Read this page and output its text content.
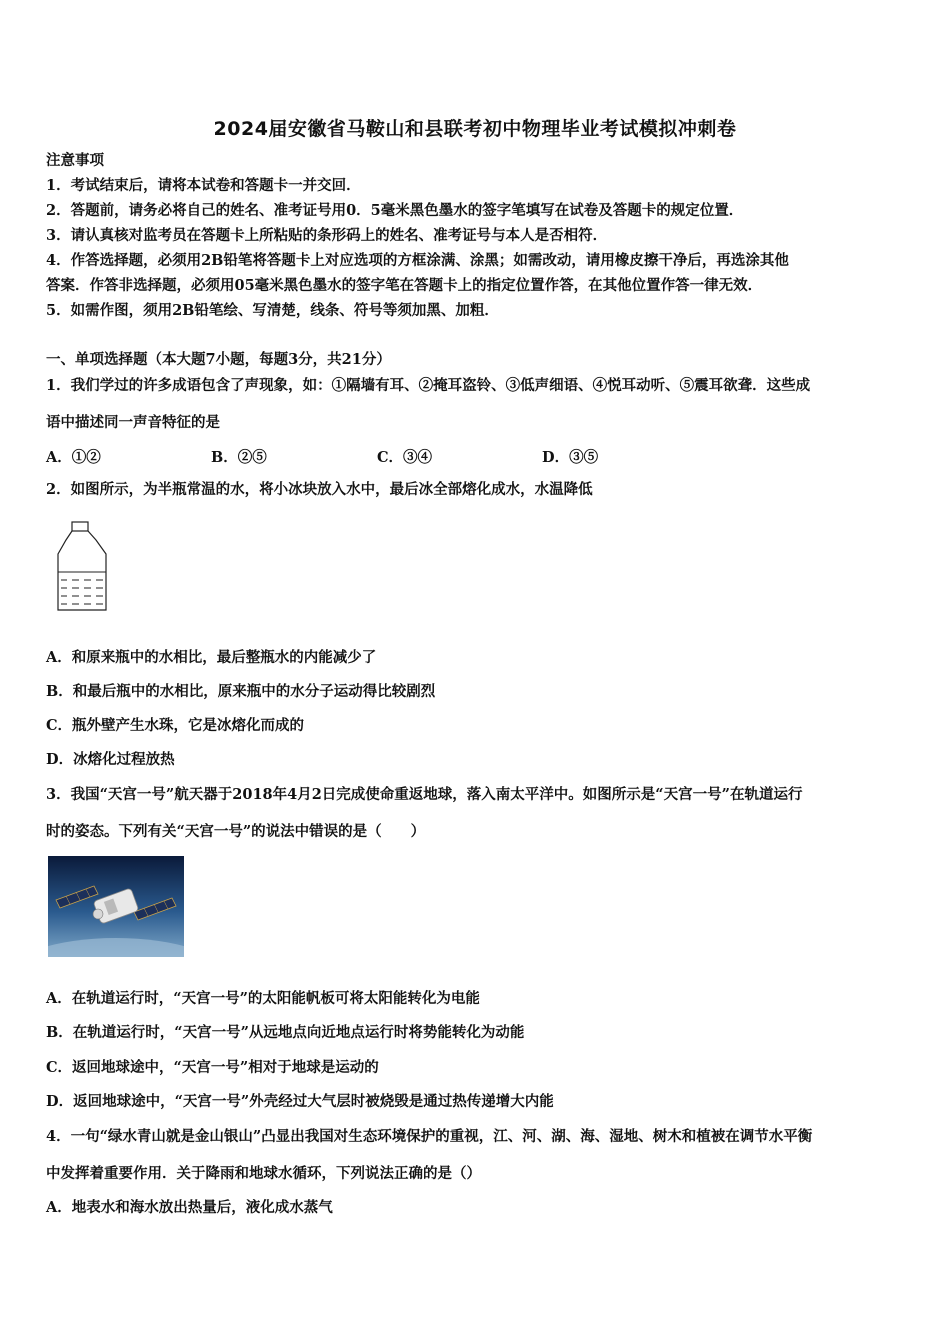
2024届安徽省马鞍山和县联考初中物理毕业考试模拟冲刺卷
注意事项
1．考试结束后，请将本试卷和答题卡一并交回．
2．答题前，请务必将自己的姓名、准考证号用0．5毫米黑色墨水的签字笔填写在试卷及答题卡的规定位置．
3．请认真核对监考员在答题卡上所粘贴的条形码上的姓名、准考证号与本人是否相符．
4．作答选择题，必须用2B铅笔将答题卡上对应选项的方框涂满、涂黑；如需改动，请用橡皮擦干净后，再选涂其他
答案．作答非选择题，必须用05毫米黑色墨水的签字笔在答题卡上的指定位置作答，在其他位置作答一律无效．
5．如需作图，须用2B铅笔绘、写清楚，线条、符号等须加黑、加粗．
一、单项选择题（本大题7小题，每题3分，共21分）
1．我们学过的许多成语包含了声现象，如：①隔墙有耳、②掩耳盗铃、③低声细语、④悦耳动听、⑤震耳欲聋．这些成
语中描述同一声音特征的是
A．①②	B．②⑤	C．③④	D．③⑤
2．如图所示，为半瓶常温的水，将小冰块放入水中，最后冰全部熔化成水，水温降低
A．和原来瓶中的水相比，最后整瓶水的内能减少了
B．和最后瓶中的水相比，原来瓶中的水分子运动得比较剧烈
C．瓶外壁产生水珠，它是冰熔化而成的
D．冰熔化过程放热
3．我国“天宫一号”航天器于2018年4月2日完成使命重返地球，落入南太平洋中。如图所示是“天宫一号”在轨道运行
时的姿态。下列有关“天宫一号”的说法中错误的是（　　）
A．在轨道运行时，“天宫一号”的太阳能帆板可将太阳能转化为电能
B．在轨道运行时，“天宫一号”从远地点向近地点运行时将势能转化为动能
C．返回地球途中，“天宫一号”相对于地球是运动的
D．返回地球途中，“天宫一号”外壳经过大气层时被烧毁是通过热传递增大内能
4．一句“绿水青山就是金山银山”凸显出我国对生态环境保护的重视，江、河、湖、海、湿地、树木和植被在调节水平衡
中发挥着重要作用．关于降雨和地球水循环，下列说法正确的是（）
A．地表水和海水放出热量后，液化成水蒸气
